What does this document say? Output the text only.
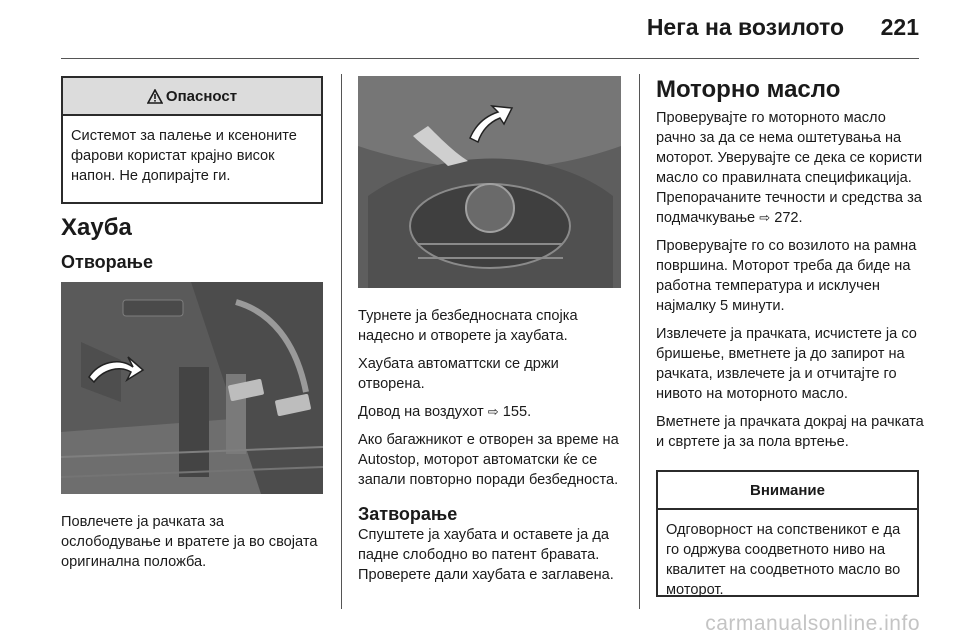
Нега на возилото 221
Опасност
Системот за палење и ксеноните фарови користат крајно висок напон. Не допирајте ги.
Хауба
Отворање
Повлечете ја рачката за ослободување и вратете ја во својата оригинална положба.

Турнете ја безбедносната спојка надесно и отворете ја хаубата.

Хаубата автоматтски се држи отворена.

Довод на воздухот ⇨ 155.

Ако багажникот е отворен за време на Autostop, моторот автоматски ќе се запали повторно поради безбедноста.

Затворање

Спуштете ја хаубата и оставете ја да падне слободно во патент бравата. Проверете дали хаубата е заглавена.

Моторно масло

Проверувајте го моторното масло рачно за да се нема оштетувања на моторот. Уверувајте се дека се користи масло со правилната спецификација. Препорачаните течности и средства за подмачкување ⇨ 272.

Проверувајте го со возилото на рамна површина. Моторот треба да биде на работна температура и исклучен најмалку 5 минути.

Извлечете ја прачката, исчистете ја со бришење, вметнете ја до запирот на рачката, извлечете ја и отчитајте го нивото на моторното масло.

Вметнете ја прачката докрај на рачката и свртете ја за пола вртење.

Внимание
Одговорност на сопственикот е да го одржува соодветното ниво на квалитет на соодветното масло во моторот.
carmanualsonline.info
